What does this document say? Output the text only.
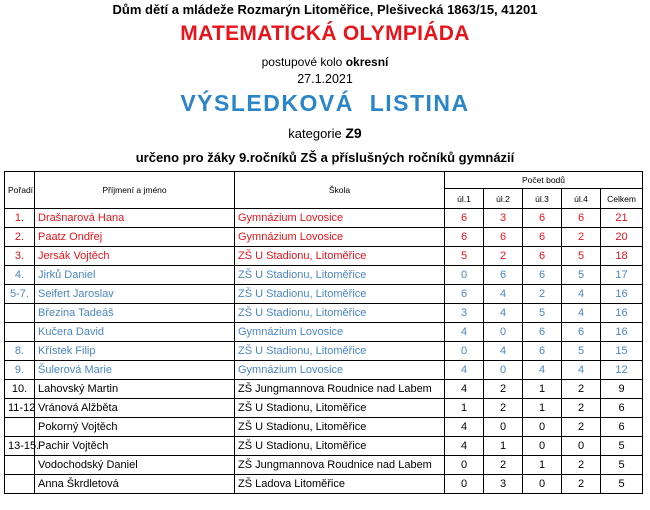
Dům dětí a mládeže Rozmarýn Litoměřice, Plešivecká 1863/15, 41201
MATEMATICKÁ OLYMPIÁDA
postupové kolo okresní
27.1.2021
VÝSLEDKOVÁ LISTINA
kategorie Z9
určeno pro žáky 9.ročníků ZŠ a příslušných ročníků gymnázií
Pořadí	Příjmení a jméno	Škola	Počet bodů				
			úl.1	úl.2	úl.3	úl.4	Celkem
1.	Drašnarová Hana	Gymnázium Lovosice	6	3	6	6	21
2.	Paatz Ondřej	Gymnázium Lovosice	6	6	6	2	20
3.	Jersák Vojtěch	ZŠ U Stadionu, Litoměřice	5	2	6	5	18
4.	Jirků Daniel	ZŠ U Stadionu, Litoměřice	0	6	6	5	17
5-7.	Seifert Jaroslav	ZŠ U Stadionu, Litoměřice	6	4	2	4	16
	Březina Tadeáš	ZŠ U Stadionu, Litoměřice	3	4	5	4	16
	Kučera David	Gymnázium Lovosice	4	0	6	6	16
8.	Křístek Filip	ZŠ U Stadionu, Litoměřice	0	4	6	5	15
9.	Šulerová Marie	Gymnázium Lovosice	4	0	4	4	12
10.	Lahovský Martin	ZŠ Jungmannova Roudnice nad Labem	4	2	1	2	9
11-12	Vránová Alžběta	ZŠ U Stadionu, Litoměřice	1	2	1	2	6
	Pokorný Vojtěch	ZŠ U Stadionu, Litoměřice	4	0	0	2	6
13-15.	Pachir Vojtěch	ZŠ U Stadionu, Litoměřice	4	1	0	0	5
	Vodochodský Daniel	ZŠ Jungmannova Roudnice nad Labem	0	2	1	2	5
	Anna Škrdletová	ZŠ Ladova Litoměřice	0	3	0	2	5
